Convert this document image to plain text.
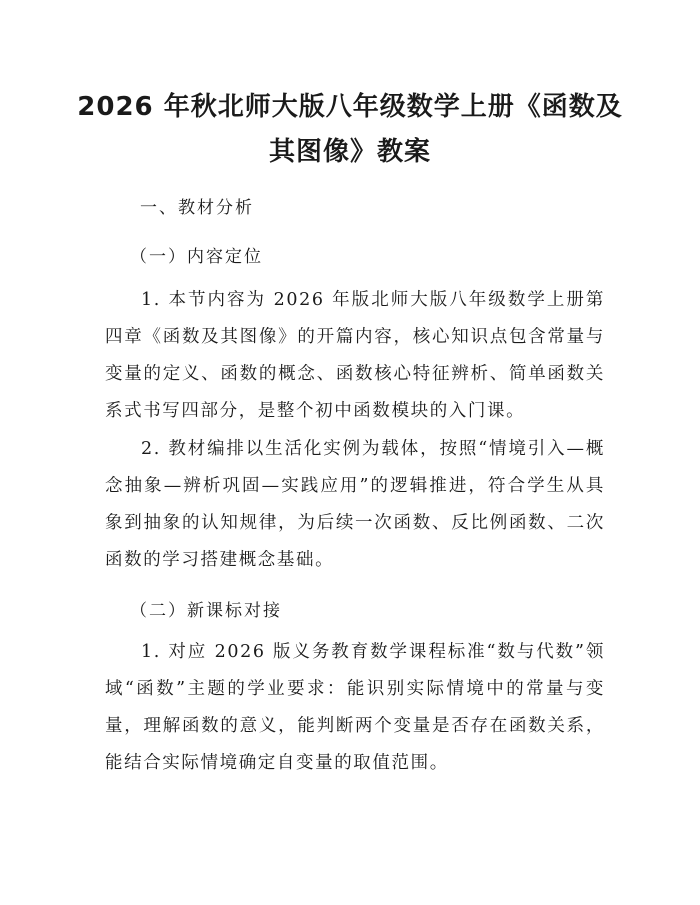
2026 年秋北师大版八年级数学上册《函数及
其图像》教案

一、教材分析

（一）内容定位

1. 本节内容为 2026 年版北师大版八年级数学上册第四章《函数及其图像》的开篇内容，核心知识点包含常量与变量的定义、函数的概念、函数核心特征辨析、简单函数关系式书写四部分，是整个初中函数模块的入门课。

2. 教材编排以生活化实例为载体，按照“情境引入—概念抽象—辨析巩固—实践应用”的逻辑推进，符合学生从具象到抽象的认知规律，为后续一次函数、反比例函数、二次函数的学习搭建概念基础。

（二）新课标对接

1. 对应 2026 版义务教育数学课程标准“数与代数”领域“函数”主题的学业要求：能识别实际情境中的常量与变量，理解函数的意义，能判断两个变量是否存在函数关系，能结合实际情境确定自变量的取值范围。
